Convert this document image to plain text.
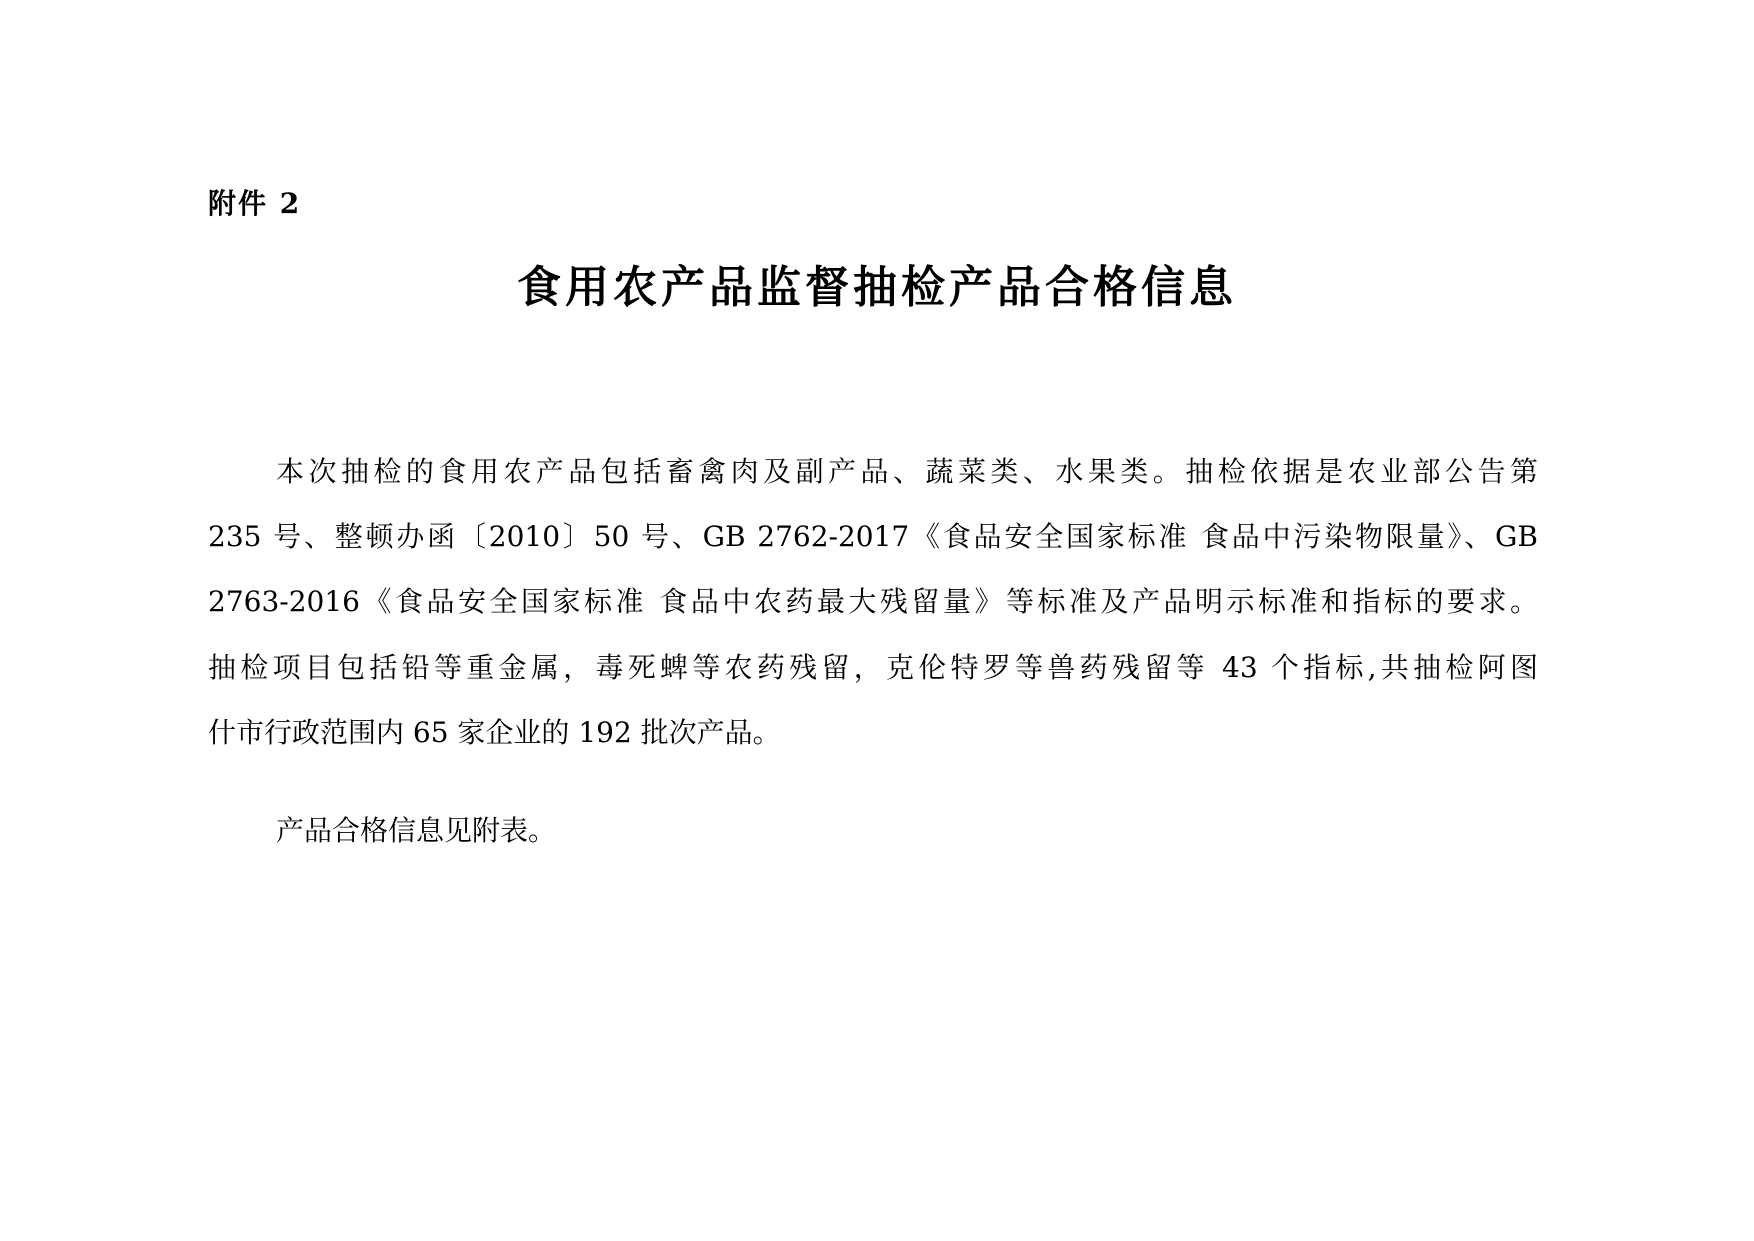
附件 2
食用农产品监督抽检产品合格信息
本次抽检的食用农产品包括畜禽肉及副产品、蔬菜类、水果类。抽检依据是农业部公告第
235 号、整顿办函〔2010〕50 号、GB 2762-2017《食品安全国家标准 食品中污染物限量》、GB
2763-2016《食品安全国家标准 食品中农药最大残留量》等标准及产品明示标准和指标的要求。
抽检项目包括铅等重金属，毒死蜱等农药残留，克伦特罗等兽药残留等 43 个指标,共抽检阿图
什市行政范围内 65 家企业的 192 批次产品。
产品合格信息见附表。
